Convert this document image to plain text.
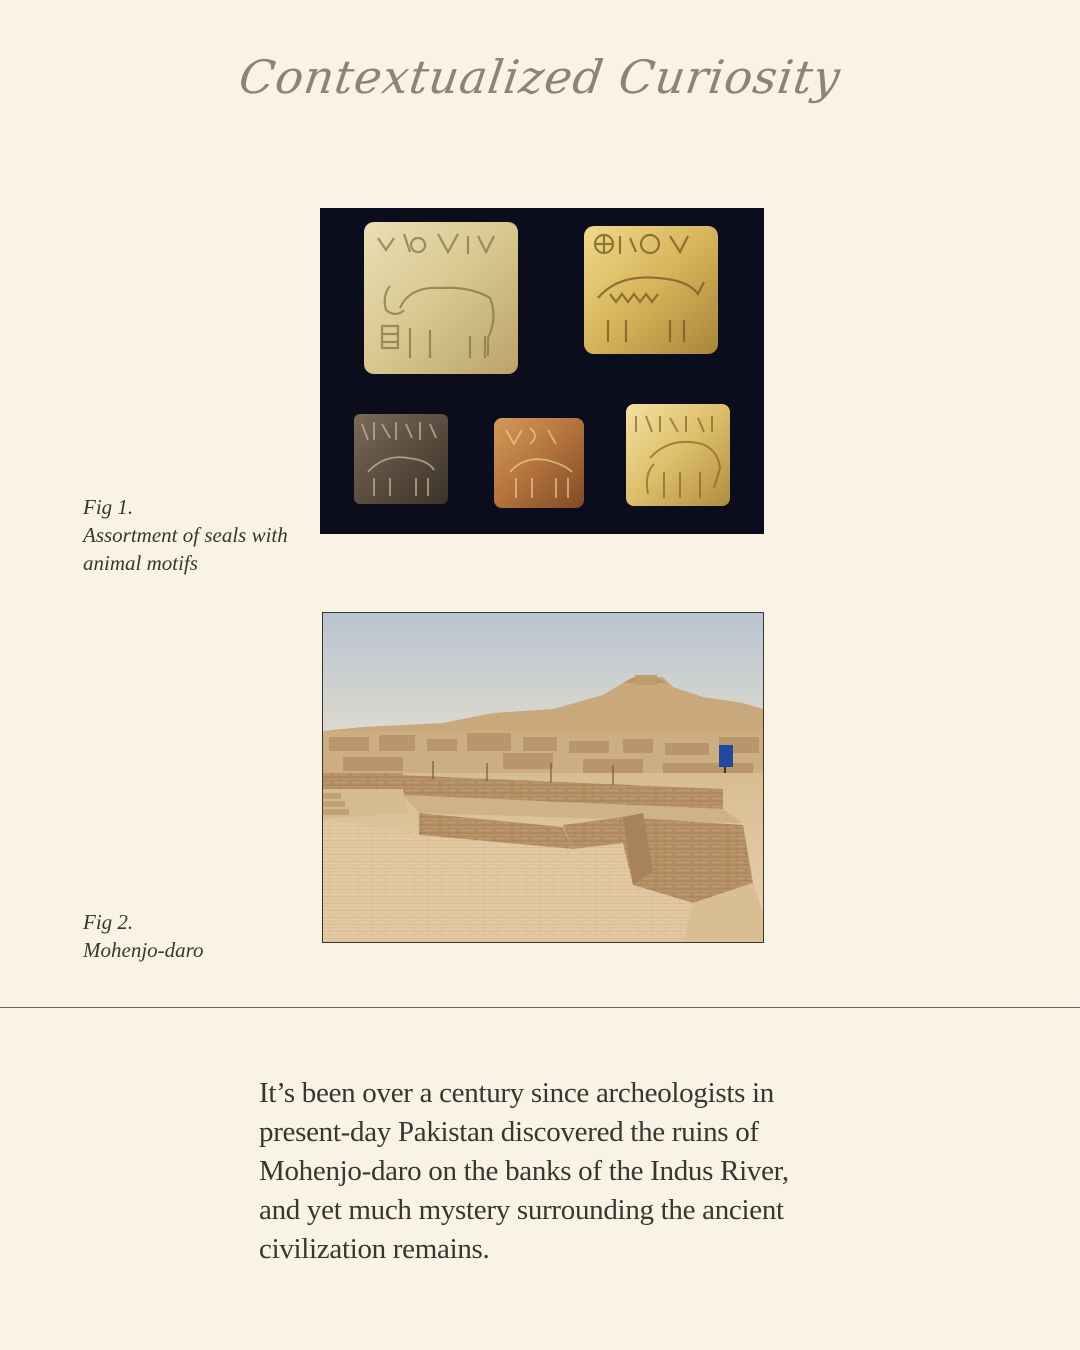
Contextualized Curiosity
Fig 1.
Assortment of seals with
animal motifs
Fig 2.
Mohenjo-daro

It’s been over a century since archeologists in present-day Pakistan discovered the ruins of Mohenjo-daro on the banks of the Indus River, and yet much mystery surrounding the ancient civilization remains.
